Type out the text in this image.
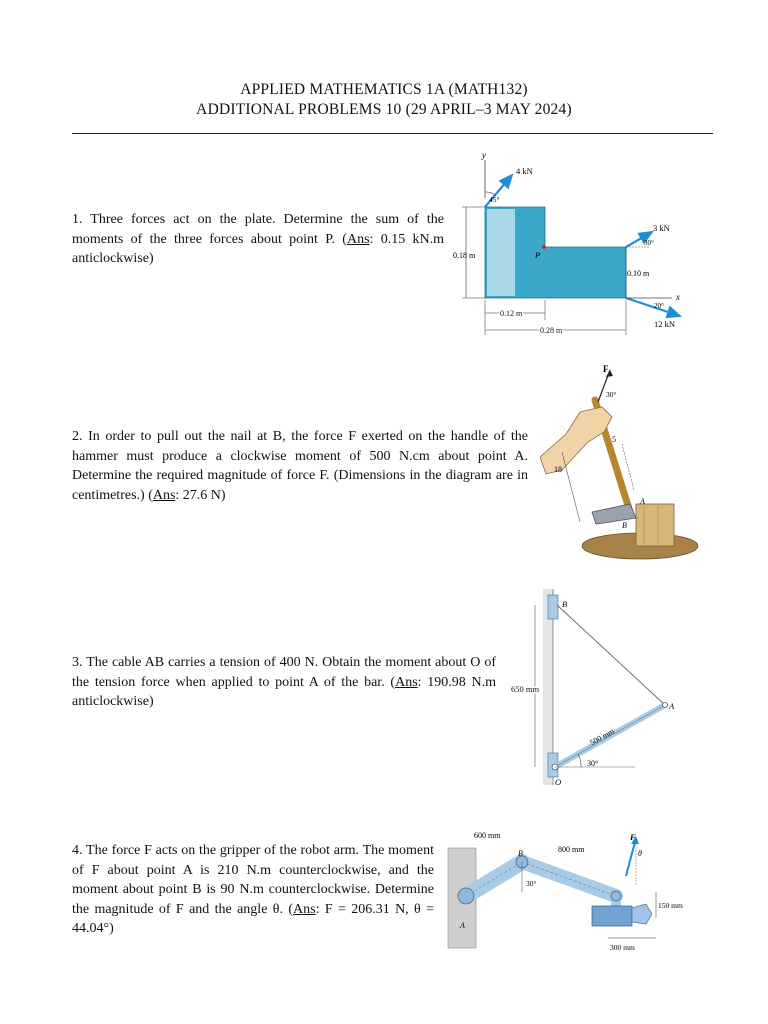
APPLIED MATHEMATICS 1A (MATH132)
ADDITIONAL PROBLEMS 10 (29 APRIL–3 MAY 2024)
1. Three forces act on the plate. Determine the sum of the moments of the three forces about point P. (Ans: 0.15 kN.m anticlockwise)
y
P
4 kN
45°
3 kN
30°
12 kN
20°
x
0.18 m
0.10 m
0.12 m
0.28 m
2. In order to pull out the nail at B, the force F exerted on the handle of the hammer must produce a clockwise moment of 500 N.cm about point A. Determine the required magnitude of force F. (Dimensions in the diagram are in centimetres.) (Ans: 27.6 N)
F
30°
18
5
A
B
3. The cable AB carries a tension of 400 N. Obtain the moment about O of the tension force when applied to point A of the bar. (Ans: 190.98 N.m anticlockwise)
B
A
O
650 mm
500 mm
30°
4. The force F acts on the gripper of the robot arm. The moment of F about point A is 210 N.m counterclockwise, and the moment about point B is 90 N.m counterclockwise. Determine the magnitude of F and the angle θ. (Ans: F = 206.31 N, θ = 44.04°)
F
θ
A
B
600 mm
800 mm
30°
150 mm
300 mm
